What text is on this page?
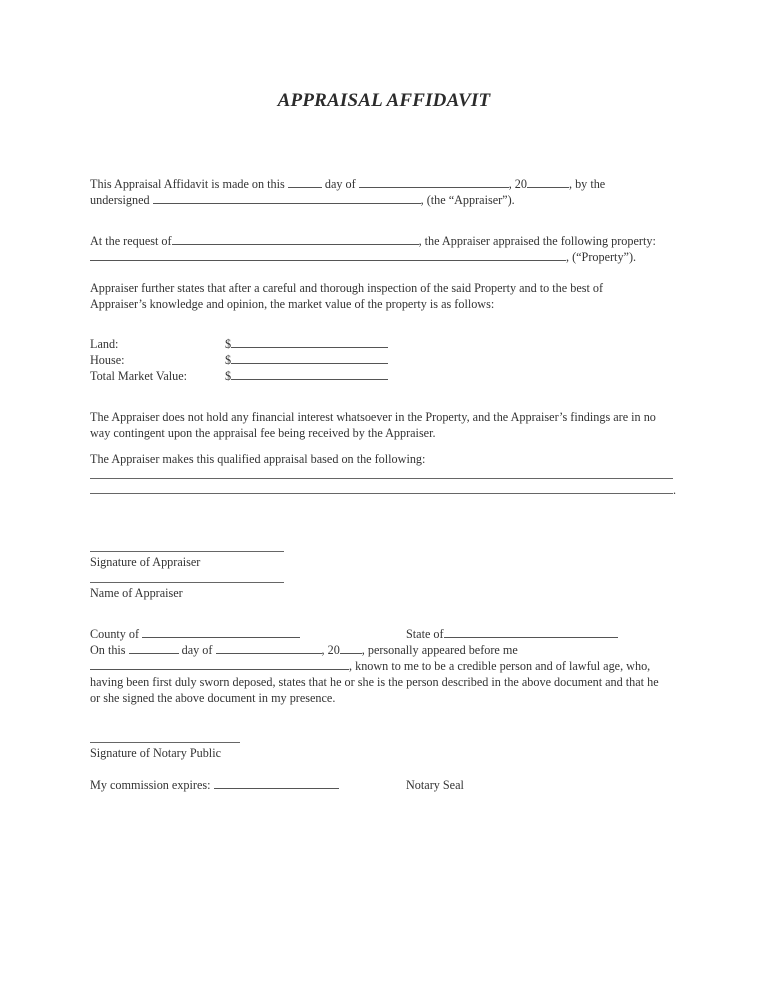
APPRAISAL AFFIDAVIT
This Appraisal Affidavit is made on this	day of	, 20	, by the
undersigned	, (the “Appraiser”).
At the request of	, the Appraiser appraised the following property:
, (“Property”).
Appraiser further states that after a careful and thorough inspection of the said Property and to the best of
Appraiser’s knowledge and opinion, the market value of the property is as follows:
Land:	$
House:	$
Total Market Value:	$
The Appraiser does not hold any financial interest whatsoever in the Property, and the Appraiser’s findings are in no
way contingent upon the appraisal fee being received by the Appraiser.
The Appraiser makes this qualified appraisal based on the following:
.
Signature of Appraiser
Name of Appraiser
County of	State of
On this	day of	, 20 , personally appeared before me
, known to me to be a credible person and of lawful age, who,
having been first duly sworn deposed, states that he or she is the person described in the above document and that he
or she signed the above document in my presence.
Signature of Notary Public
My commission expires:	Notary Seal
